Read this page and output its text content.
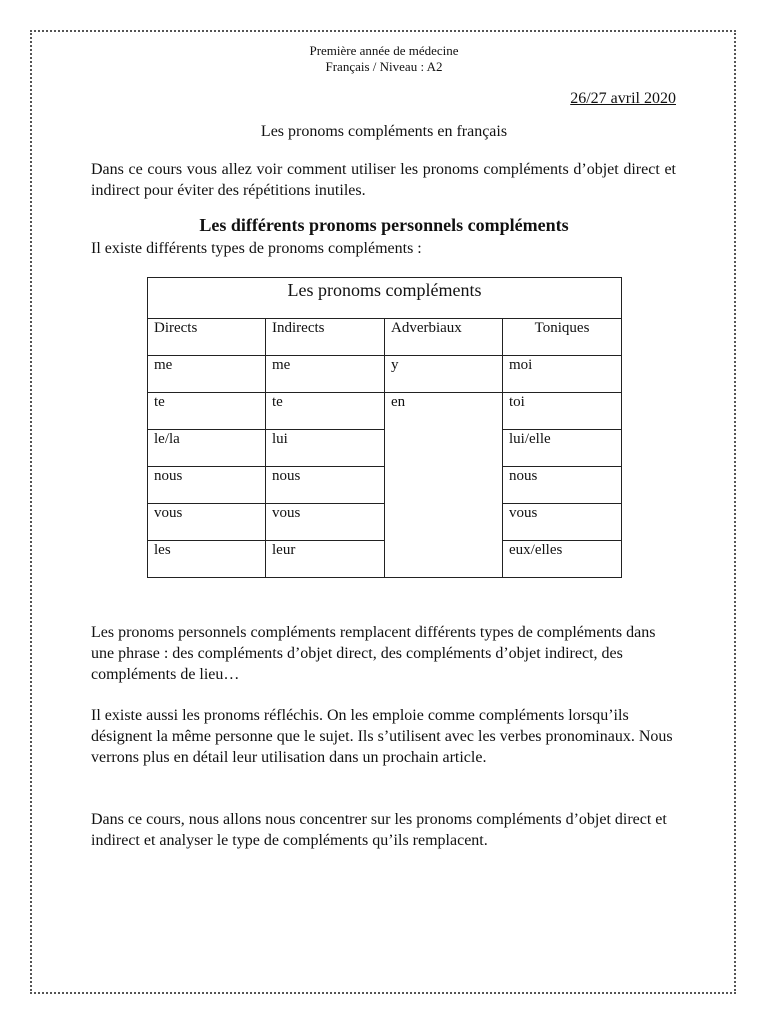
Première année de médecine
Français / Niveau : A2
26/27 avril 2020
Les pronoms compléments en français

Dans ce cours vous allez voir comment utiliser les pronoms compléments d’objet direct et indirect pour éviter des répétitions inutiles.

Les différents pronoms personnels compléments

Il existe différents types de pronoms compléments :

Les pronoms compléments			
Directs	Indirects	Adverbiaux	Toniques
me	me	y	moi
te	te	en	toi
le/la	lui		lui/elle
nous	nous		nous
vous	vous		vous
les	leur		eux/elles

Les pronoms personnels compléments remplacent différents types de compléments dans une phrase : des compléments d’objet direct, des compléments d’objet indirect, des compléments de lieu…

Il existe aussi les pronoms réfléchis. On les emploie comme compléments lorsqu’ils désignent la même personne que le sujet. Ils s’utilisent avec les verbes pronominaux. Nous verrons plus en détail leur utilisation dans un prochain article.

Dans ce cours, nous allons nous concentrer sur les pronoms compléments d’objet direct et indirect et analyser le type de compléments qu’ils remplacent.
